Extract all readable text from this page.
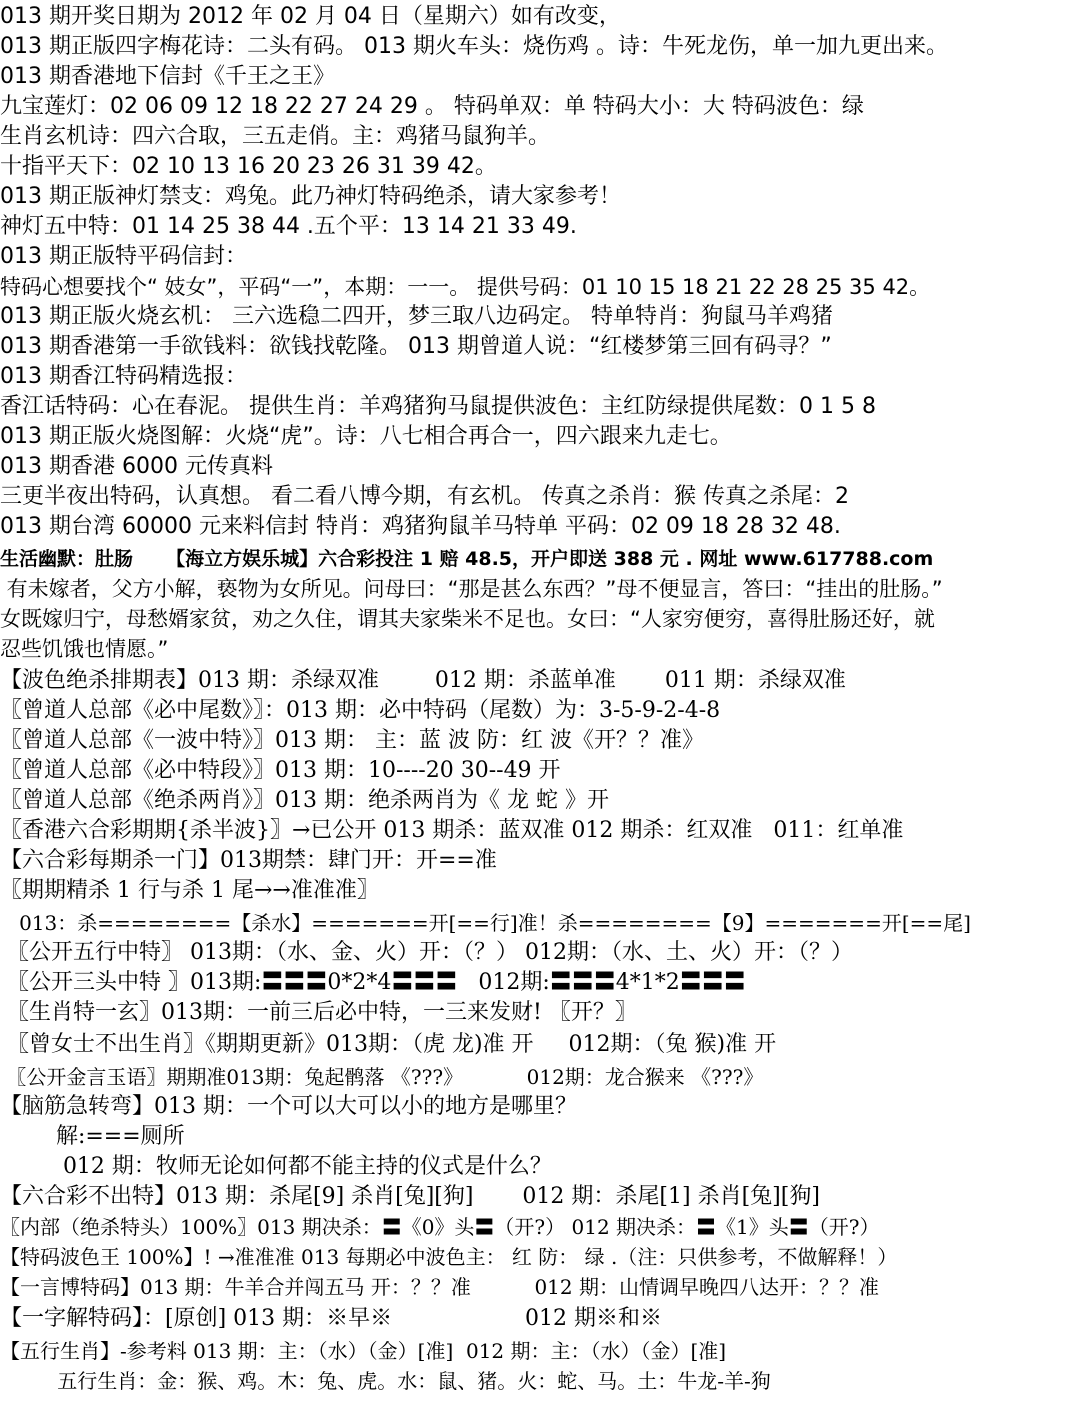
013 期开奖日期为 2012 年 02 月 04 日（星期六）如有改变，
013 期正版四字梅花诗：二头有码。 013 期火车头：烧伤鸡 。诗：牛死龙伤，单一加九更出来。
013 期香港地下信封《千王之王》
九宝莲灯：02 06 09 12 18 22 27 24 29 。 特码单双：单 特码大小：大 特码波色：绿
生肖玄机诗：四六合取，三五走俏。主：鸡猪马鼠狗羊。
十指平天下：02 10 13 16 20 23 26 31 39 42。
013 期正版神灯禁支：鸡兔。此乃神灯特码绝杀，请大家参考！
神灯五中特：01 14 25 38 44 .五个平：13 14 21 33 49.
013 期正版特平码信封：
特码心想要找个“ 妓女”，平码“一”，本期：一一。 提供号码：01 10 15 18 21 22 28 25 35 42。
013 期正版火烧玄机： 三六选稳二四开，梦三取八边码定。 特单特肖：狗鼠马羊鸡猪
013 期香港第一手欲钱料：欲钱找乾隆。 013 期曾道人说：“红楼梦第三回有码寻？”
013 期香江特码精选报：
香江话特码：心在春泥。 提供生肖：羊鸡猪狗马鼠提供波色：主红防绿提供尾数：0 1 5 8
013 期正版火烧图解：火烧“虎”。诗：八七相合再合一，四六跟来九走七。
013 期香港 6000 元传真料
三更半夜出特码，认真想。 看二看八博今期，有玄机。 传真之杀肖：猴 传真之杀尾：2
013 期台湾 60000 元来料信封 特肖：鸡猪狗鼠羊马特单 平码：02 09 18 28 32 48.
生活幽默：肚肠     【海立方娱乐城】六合彩投注 1 赔 48.5，开户即送 388 元 . 网址 www.617788.com
有未嫁者，父方小解，亵物为女所见。问母曰：“那是甚么东西？”母不便显言，答曰：“挂出的肚肠。”
女既嫁归宁，母愁婿家贫，劝之久住，谓其夫家柴米不足也。女曰：“人家穷便穷，喜得肚肠还好，就
忍些饥饿也情愿。”
【波色绝杀排期表】013 期：杀绿双准        012 期：杀蓝单准       011 期：杀绿双准
〖曾道人总部《必中尾数》〗：013 期：必中特码（尾数）为：3-5-9-2-4-8
〖曾道人总部《一波中特》〗013 期： 主：蓝 波 防：红 波《开？？准》
〖曾道人总部《必中特段》〗013 期：10----20 30--49 开
〖曾道人总部《绝杀两肖》〗013 期：绝杀两肖为《 龙 蛇 》开
〖香港六合彩期期{杀半波}〗→已公开 013 期杀：蓝双准 012 期杀：红双准   011：红单准
【六合彩每期杀一门】013期禁：肆门开：开==准
〖期期精杀 1 行与杀 1 尾→→准准准〗
013：杀========【杀水】=======开[==行]准！杀========【9】=======开[==尾]
〖公开五行中特〗 013期：（水、金、火）开：（？） 012期：（水、土、火）开：（？）
〖公开三头中特 〗013期:〓〓〓0*2*4〓〓〓   012期:〓〓〓4*1*2〓〓〓
〖生肖特一玄〗013期：一前三后必中特，一三来发财! 〖开？〗
〖曾女士不出生肖〗《期期更新》013期：（虎 龙)准 开     012期：（兔 猴)准 开
〖公开金言玉语〗期期准013期：兔起鹘落 《???》          012期：龙合猴来 《???》
【脑筋急转弯】013 期：一个可以大可以小的地方是哪里？
解:===厕所
012 期：牧师无论如何都不能主持的仪式是什么？
【六合彩不出特】013 期：杀尾[9] 杀肖[兔][狗]       012 期：杀尾[1] 杀肖[兔][狗]
〖内部（绝杀特头）100%〗013 期决杀：〓《0》头〓（开?） 012 期决杀：〓《1》头〓（开?）
【特码波色王 100%】! →准准准 013 每期必中波色主： 红 防： 绿 .（注：只供参考，不做解释！）
【一言博特码】013 期：牛羊合并闯五马 开：？？准          012 期：山情调早晚四八达开：？？准
【一字解特码】：[原创] 013 期：※早※                   012 期※和※
【五行生肖】-参考料 013 期：主：（水）（金）[准]  012 期：主：（水）（金）[准]
五行生肖：金：猴、鸡。木：兔、虎。水：鼠、猪。火：蛇、马。土：牛龙-羊-狗
